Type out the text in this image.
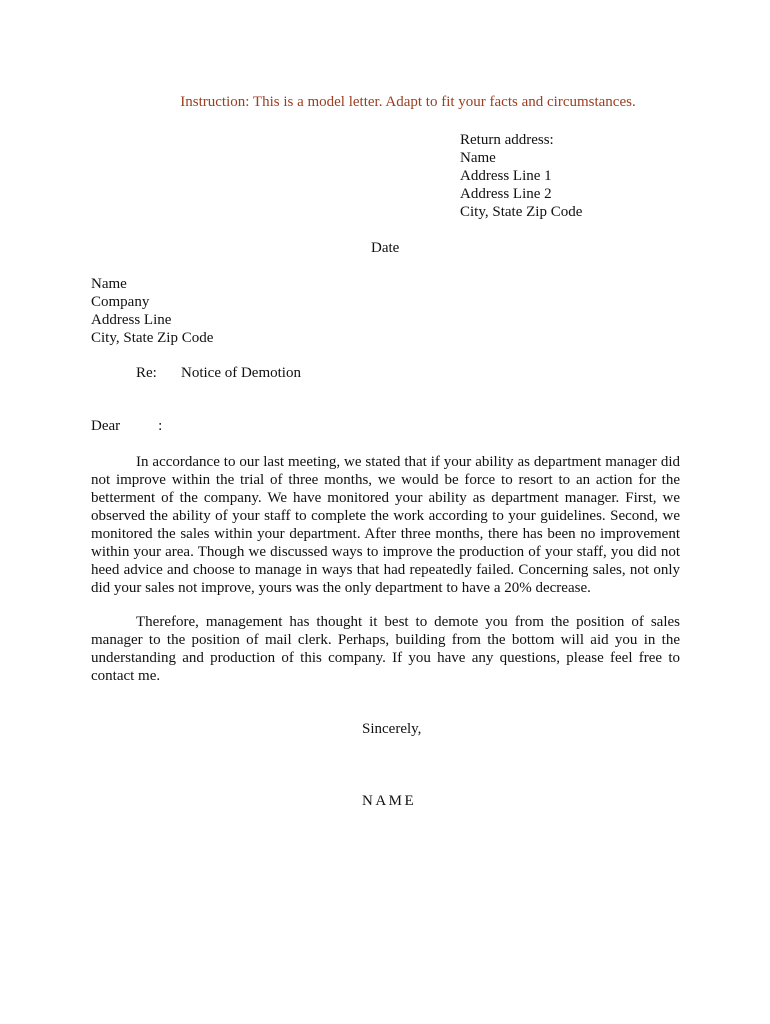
Instruction: This is a model letter. Adapt to fit your facts and circumstances.
Return address:
Name
Address Line 1
Address Line 2
City, State Zip Code
Date
Name
Company
Address Line
City, State Zip Code
Re: Notice of Demotion
Dear	:

In accordance to our last meeting, we stated that if your ability as department manager did not improve within the trial of three months, we would be force to resort to an action for the betterment of the company. We have monitored your ability as department manager. First, we observed the ability of your staff to complete the work according to your guidelines. Second, we monitored the sales within your department. After three months, there has been no improvement within your area. Though we discussed ways to improve the production of your staff, you did not heed advice and choose to manage in ways that had repeatedly failed. Concerning sales, not only did your sales not improve, yours was the only department to have a 20% decrease.

Therefore, management has thought it best to demote you from the position of sales manager to the position of mail clerk. Perhaps, building from the bottom will aid you in the understanding and production of this company. If you have any questions, please feel free to contact me.

Sincerely,
NAME
